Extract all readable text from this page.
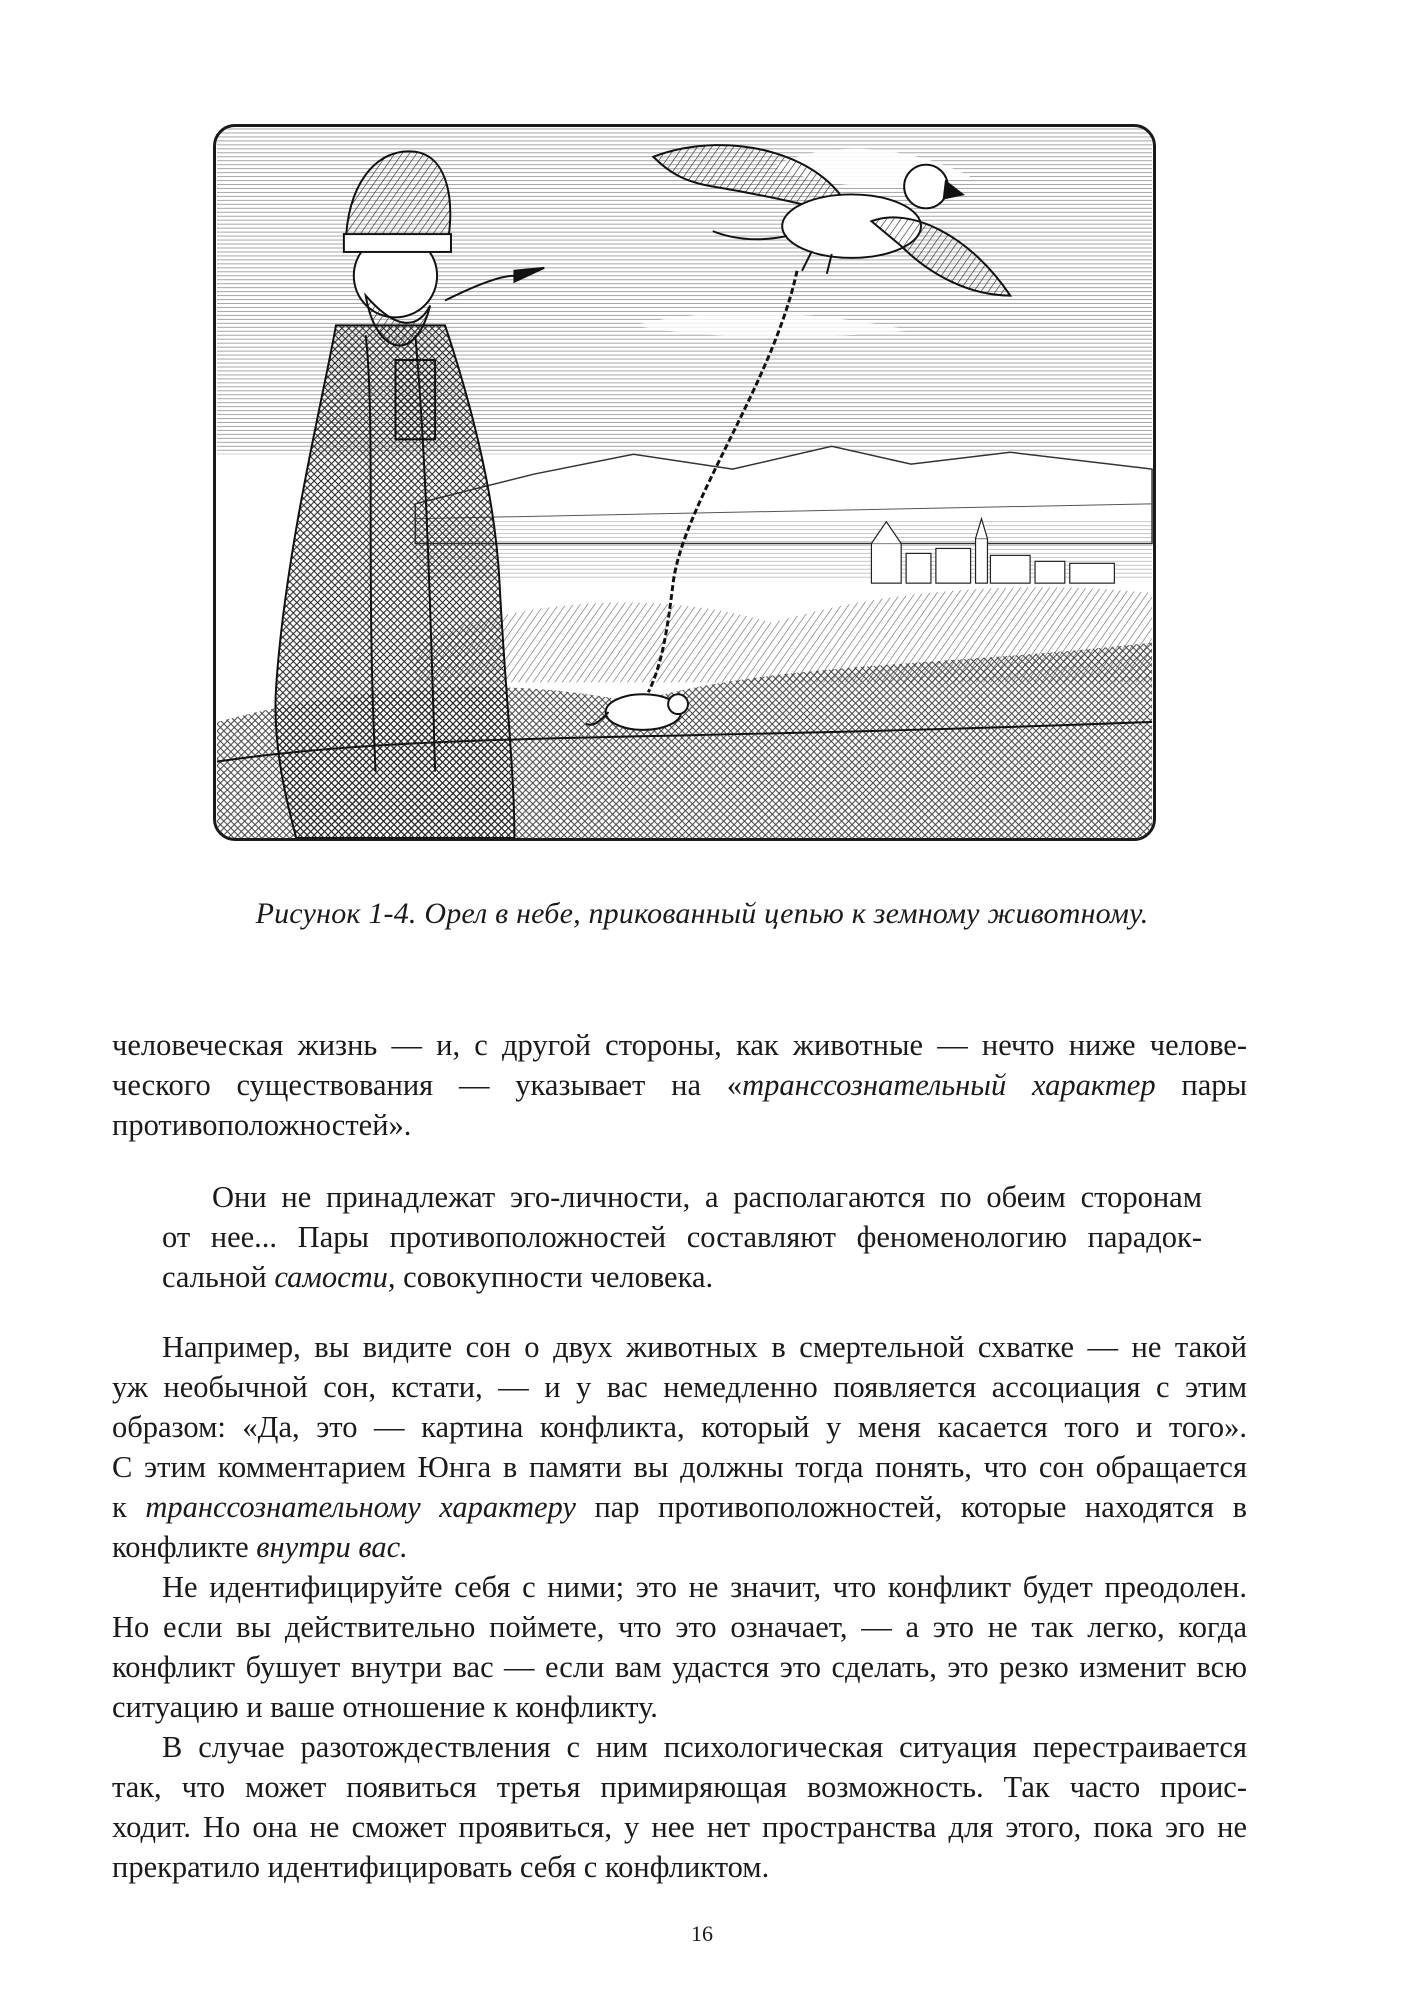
Рисунок 1-4. Орел в небе, прикованный цепью к земному животному.
человеческая жизнь — и, с другой стороны, как животные — нечто ниже челове-
ческого существования — указывает на «транссознательный характер пары
противоположностей».
Они не принадлежат эго-личности, а располагаются по обеим сторонам
от нее... Пары противоположностей составляют феноменологию парадок-
сальной самости, совокупности человека.
Например, вы видите сон о двух животных в смертельной схватке — не такой
уж необычной сон, кстати, — и у вас немедленно появляется ассоциация с этим
образом: «Да, это — картина конфликта, который у меня касается того и того».
С этим комментарием Юнга в памяти вы должны тогда понять, что сон обращается
к транссознательному характеру пар противоположностей, которые находятся в
конфликте внутри вас.
Не идентифицируйте себя с ними; это не значит, что конфликт будет преодолен.
Но если вы действительно поймете, что это означает, — а это не так легко, когда
конфликт бушует внутри вас — если вам удастся это сделать, это резко изменит всю
ситуацию и ваше отношение к конфликту.
В случае разотождествления с ним психологическая ситуация перестраивается
так, что может появиться третья примиряющая возможность. Так часто проис-
ходит. Но она не сможет проявиться, у нее нет пространства для этого, пока эго не
прекратило идентифицировать себя с конфликтом.
16
